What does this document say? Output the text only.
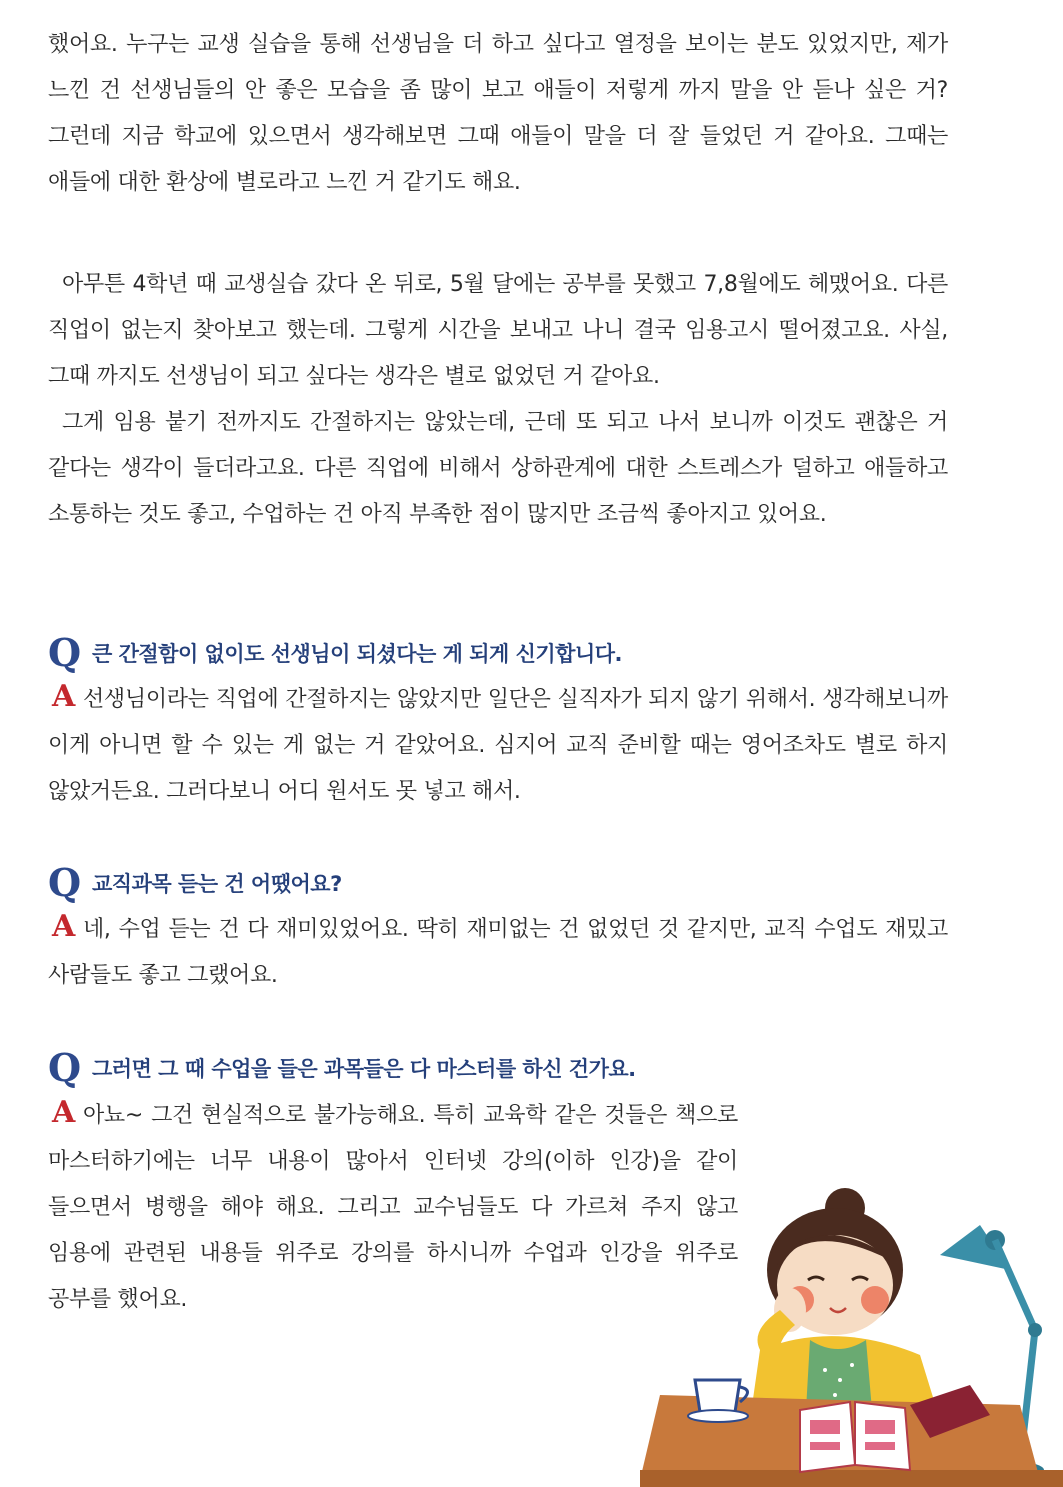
했어요. 누구는 교생 실습을 통해 선생님을 더 하고 싶다고 열정을 보이는 분도 있었지만, 제가 느낀 건 선생님들의 안 좋은 모습을 좀 많이 보고 애들이 저렇게 까지 말을 안 듣나 싶은 거? 그런데 지금 학교에 있으면서 생각해보면 그때 애들이 말을 더 잘 들었던 거 같아요. 그때는 애들에 대한 환상에 별로라고 느낀 거 같기도 해요.

아무튼 4학년 때 교생실습 갔다 온 뒤로, 5월 달에는 공부를 못했고 7,8월에도 헤맸어요. 다른 직업이 없는지 찾아보고 했는데. 그렇게 시간을 보내고 나니 결국 임용고시 떨어졌고요. 사실, 그때 까지도 선생님이 되고 싶다는 생각은 별로 없었던 거 같아요.

그게 임용 붙기 전까지도 간절하지는 않았는데, 근데 또 되고 나서 보니까 이것도 괜찮은 거 같다는 생각이 들더라고요. 다른 직업에 비해서 상하관계에 대한 스트레스가 덜하고 애들하고 소통하는 것도 좋고, 수업하는 건 아직 부족한 점이 많지만 조금씩 좋아지고 있어요.

Q 큰 간절함이 없이도 선생님이 되셨다는 게 되게 신기합니다.

A 선생님이라는 직업에 간절하지는 않았지만 일단은 실직자가 되지 않기 위해서. 생각해보니까 이게 아니면 할 수 있는 게 없는 거 같았어요. 심지어 교직 준비할 때는 영어조차도 별로 하지 않았거든요. 그러다보니 어디 원서도 못 넣고 해서.

Q 교직과목 듣는 건 어땠어요?

A 네, 수업 듣는 건 다 재미있었어요. 딱히 재미없는 건 없었던 것 같지만, 교직 수업도 재밌고 사람들도 좋고 그랬어요.

Q 그러면 그 때 수업을 들은 과목들은 다 마스터를 하신 건가요.

A 아뇨~ 그건 현실적으로 불가능해요. 특히 교육학 같은 것들은 책으로 마스터하기에는 너무 내용이 많아서 인터넷 강의(이하 인강)을 같이 들으면서 병행을 해야 해요. 그리고 교수님들도 다 가르쳐 주지 않고 임용에 관련된 내용들 위주로 강의를 하시니까 수업과 인강을 위주로 공부를 했어요.
